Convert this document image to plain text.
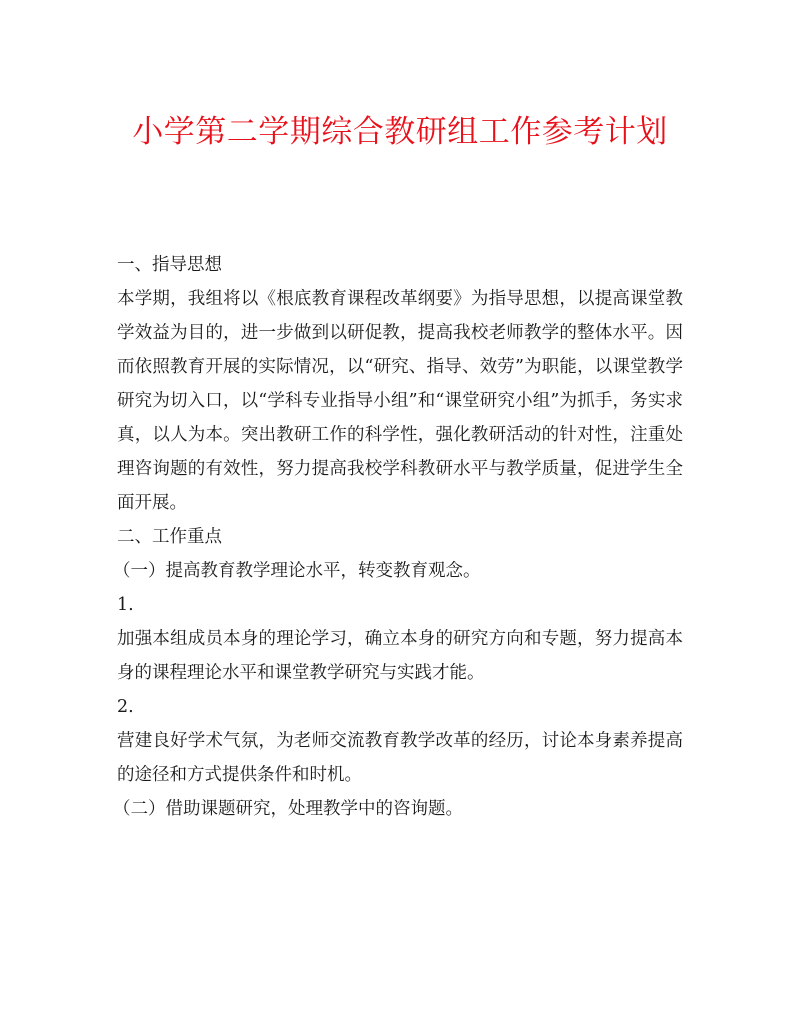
小学第二学期综合教研组工作参考计划

一、指导思想

本学期，我组将以《根底教育课程改革纲要》为指导思想，以提高课堂教学效益为目的，进一步做到以研促教，提高我校老师教学的整体水平。因而依照教育开展的实际情况，以“研究、指导、效劳”为职能，以课堂教学研究为切入口，以“学科专业指导小组”和“课堂研究小组”为抓手，务实求真，以人为本。突出教研工作的科学性，强化教研活动的针对性，注重处理咨询题的有效性，努力提高我校学科教研水平与教学质量，促进学生全面开展。

二、工作重点

（一）提高教育教学理论水平，转变教育观念。

1.

加强本组成员本身的理论学习，确立本身的研究方向和专题，努力提高本身的课程理论水平和课堂教学研究与实践才能。

2.

营建良好学术气氛，为老师交流教育教学改革的经历，讨论本身素养提高的途径和方式提供条件和时机。

（二）借助课题研究，处理教学中的咨询题。
